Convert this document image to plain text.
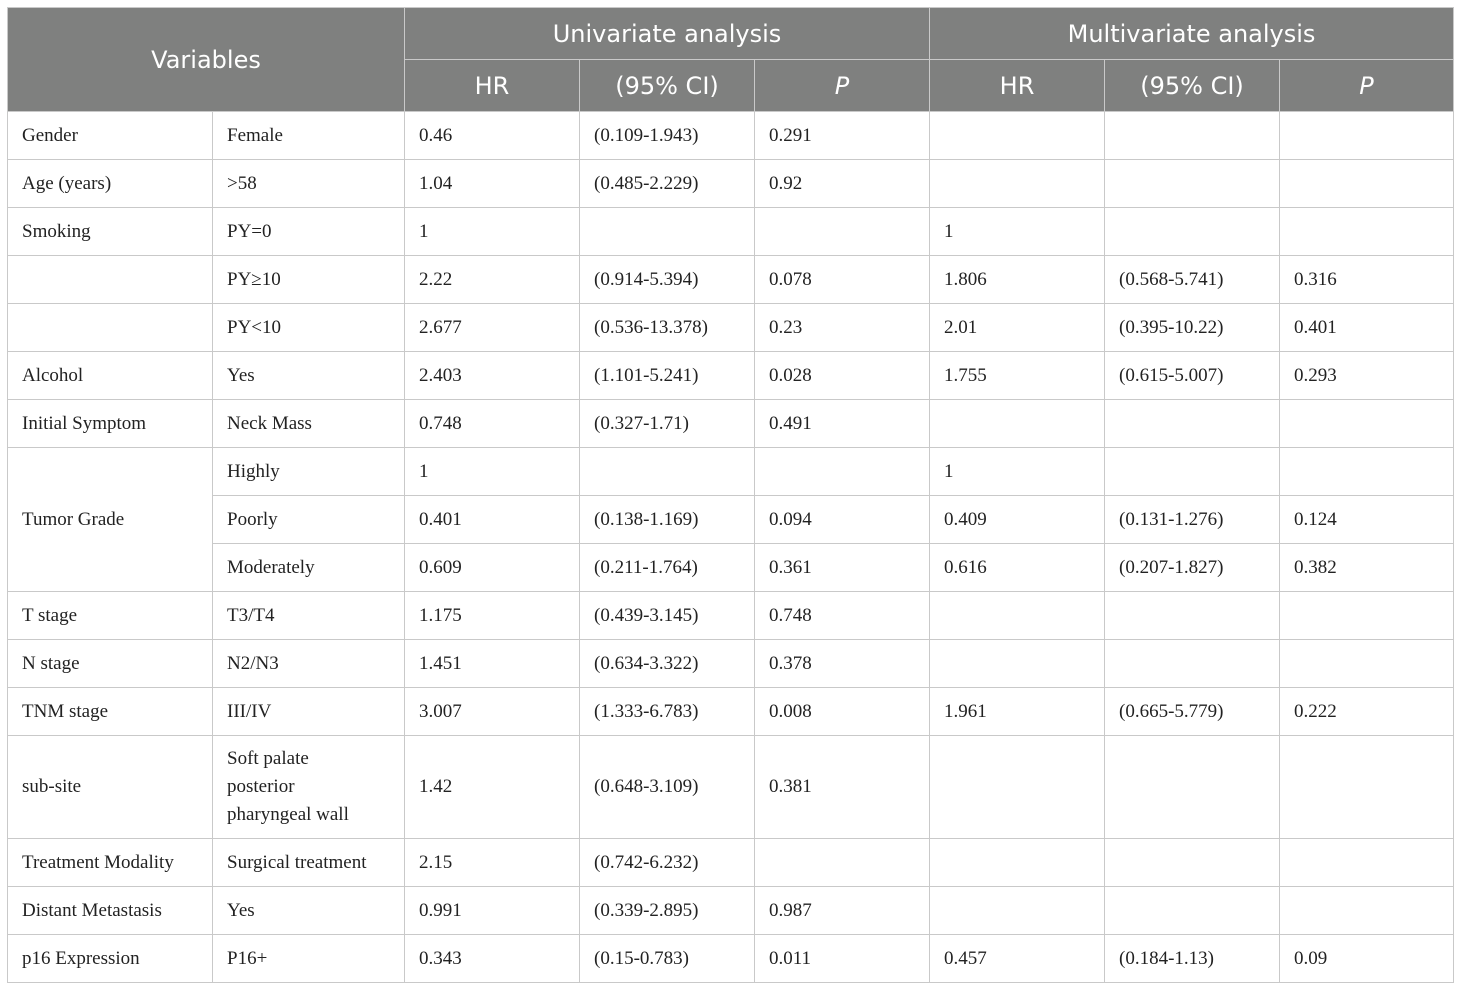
Variables		Univariate analysis			Multivariate analysis		
		HR	(95% CI)	P	HR	(95% CI)	P
Gender	Female	0.46	(0.109-1.943)	0.291			
Age (years)	>58	1.04	(0.485-2.229)	0.92			
Smoking	PY=0	1			1		
	PY≥10	2.22	(0.914-5.394)	0.078	1.806	(0.568-5.741)	0.316
	PY<10	2.677	(0.536-13.378)	0.23	2.01	(0.395-10.22)	0.401
Alcohol	Yes	2.403	(1.101-5.241)	0.028	1.755	(0.615-5.007)	0.293
Initial Symptom	Neck Mass	0.748	(0.327-1.71)	0.491			
Tumor Grade	Highly	1			1		
	Poorly	0.401	(0.138-1.169)	0.094	0.409	(0.131-1.276)	0.124
	Moderately	0.609	(0.211-1.764)	0.361	0.616	(0.207-1.827)	0.382
T stage	T3/T4	1.175	(0.439-3.145)	0.748			
N stage	N2/N3	1.451	(0.634-3.322)	0.378			
TNM stage	III/IV	3.007	(1.333-6.783)	0.008	1.961	(0.665-5.779)	0.222
sub-site	Soft palate
posterior
pharyngeal wall	1.42	(0.648-3.109)	0.381			
Treatment Modality	Surgical treatment	2.15	(0.742-6.232)				
Distant Metastasis	Yes	0.991	(0.339-2.895)	0.987			
p16 Expression	P16+	0.343	(0.15-0.783)	0.011	0.457	(0.184-1.13)	0.09
